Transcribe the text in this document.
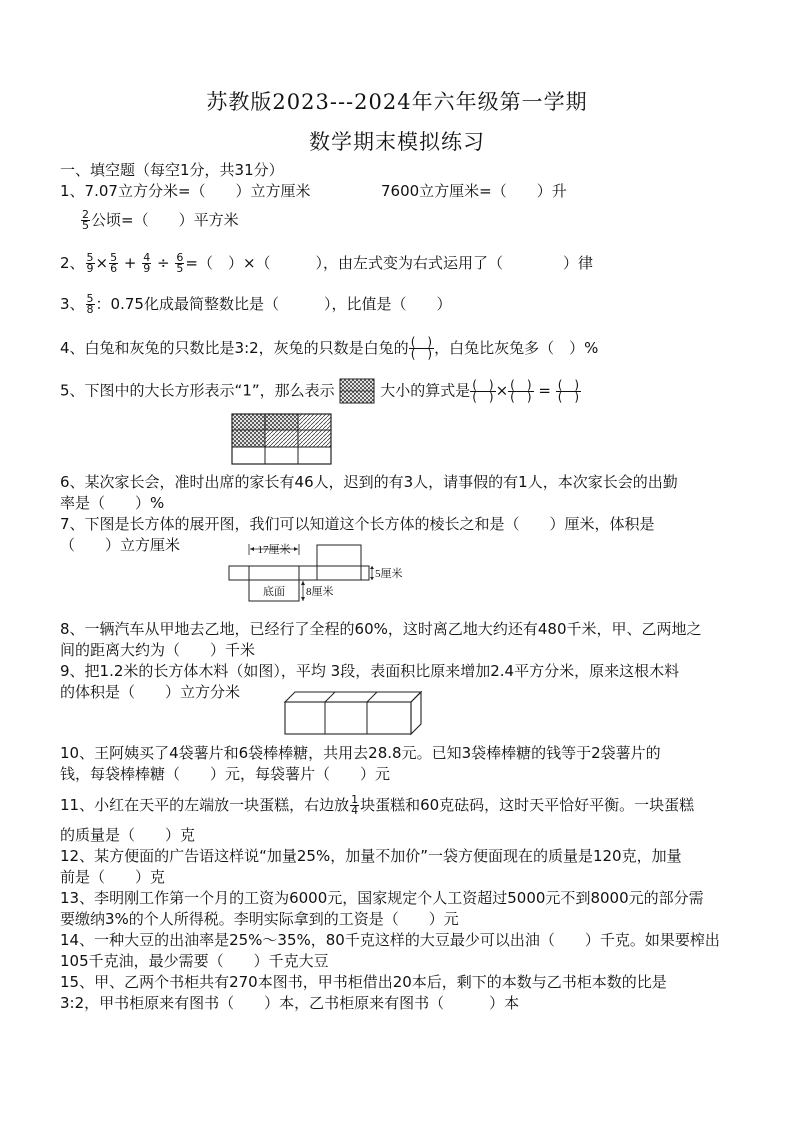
苏教版2023---2024年六年级第一学期
数学期末模拟练习
一、填空题（每空1分，共31分）
1、7.07立方分米=（　　）立方厘米	7600立方厘米=（　　）升
$\frac{2}{5}$ 公顷=（　　）平方米
2、 $\frac{5}{9} \times \frac{5}{6} + \frac{4}{9} \div \frac{6}{5}$ =（　）×（　　　），由左式变为右式运用了（　　　　）律
3、 $\frac{5}{8}$ ：0.75化成最简整数比是（　　　），比值是（　　）
4、白兔和灰兔的只数比是3:2，灰兔的只数是白兔的 (　)
(　) ，白兔比灰兔多（　）%
5、下图中的大长方形表示“1”，那么表示	大小的算式是 (　)
(　) × (　)
(　) = (　)
(　)
6、某次家长会，准时出席的家长有46人，迟到的有3人，请事假的有1人，本次家长会的出勤
率是（　　）%
7、下图是长方体的展开图，我们可以知道这个长方体的棱长之和是（　　）厘米，体积是
（　　）立方厘米	17厘米
底面 8厘米
5厘米
8、一辆汽车从甲地去乙地，已经行了全程的60%，这时离乙地大约还有480千米，甲、乙两地之
间的距离大约为（　　）千米
9、把1.2米的长方体木料（如图），平均 3段，表面积比原来增加2.4平方分米，原来这根木料
的体积是（　　）立方分米
10、王阿姨买了4袋薯片和6袋棒棒糖，共用去28.8元。已知3袋棒棒糖的钱等于2袋薯片的
钱，每袋棒棒糖（　　）元，每袋薯片（　　）元
11、小红在天平的左端放一块蛋糕，右边放 $\frac{1}{4}$ 块蛋糕和60克砝码，这时天平恰好平衡。一块蛋糕
的质量是（　　）克
12、某方便面的广告语这样说“加量25%，加量不加价”一袋方便面现在的质量是120克，加量
前是（　　）克
13、李明刚工作第一个月的工资为6000元，国家规定个人工资超过5000元不到8000元的部分需
要缴纳3%的个人所得税。李明实际拿到的工资是（　　）元
14、一种大豆的出油率是25%～35%，80千克这样的大豆最少可以出油（　　）千克。如果要榨出
105千克油，最少需要（　　）千克大豆
15、甲、乙两个书柜共有270本图书，甲书柜借出20本后，剩下的本数与乙书柜本数的比是
3:2，甲书柜原来有图书（　　）本，乙书柜原来有图书（　　　）本
